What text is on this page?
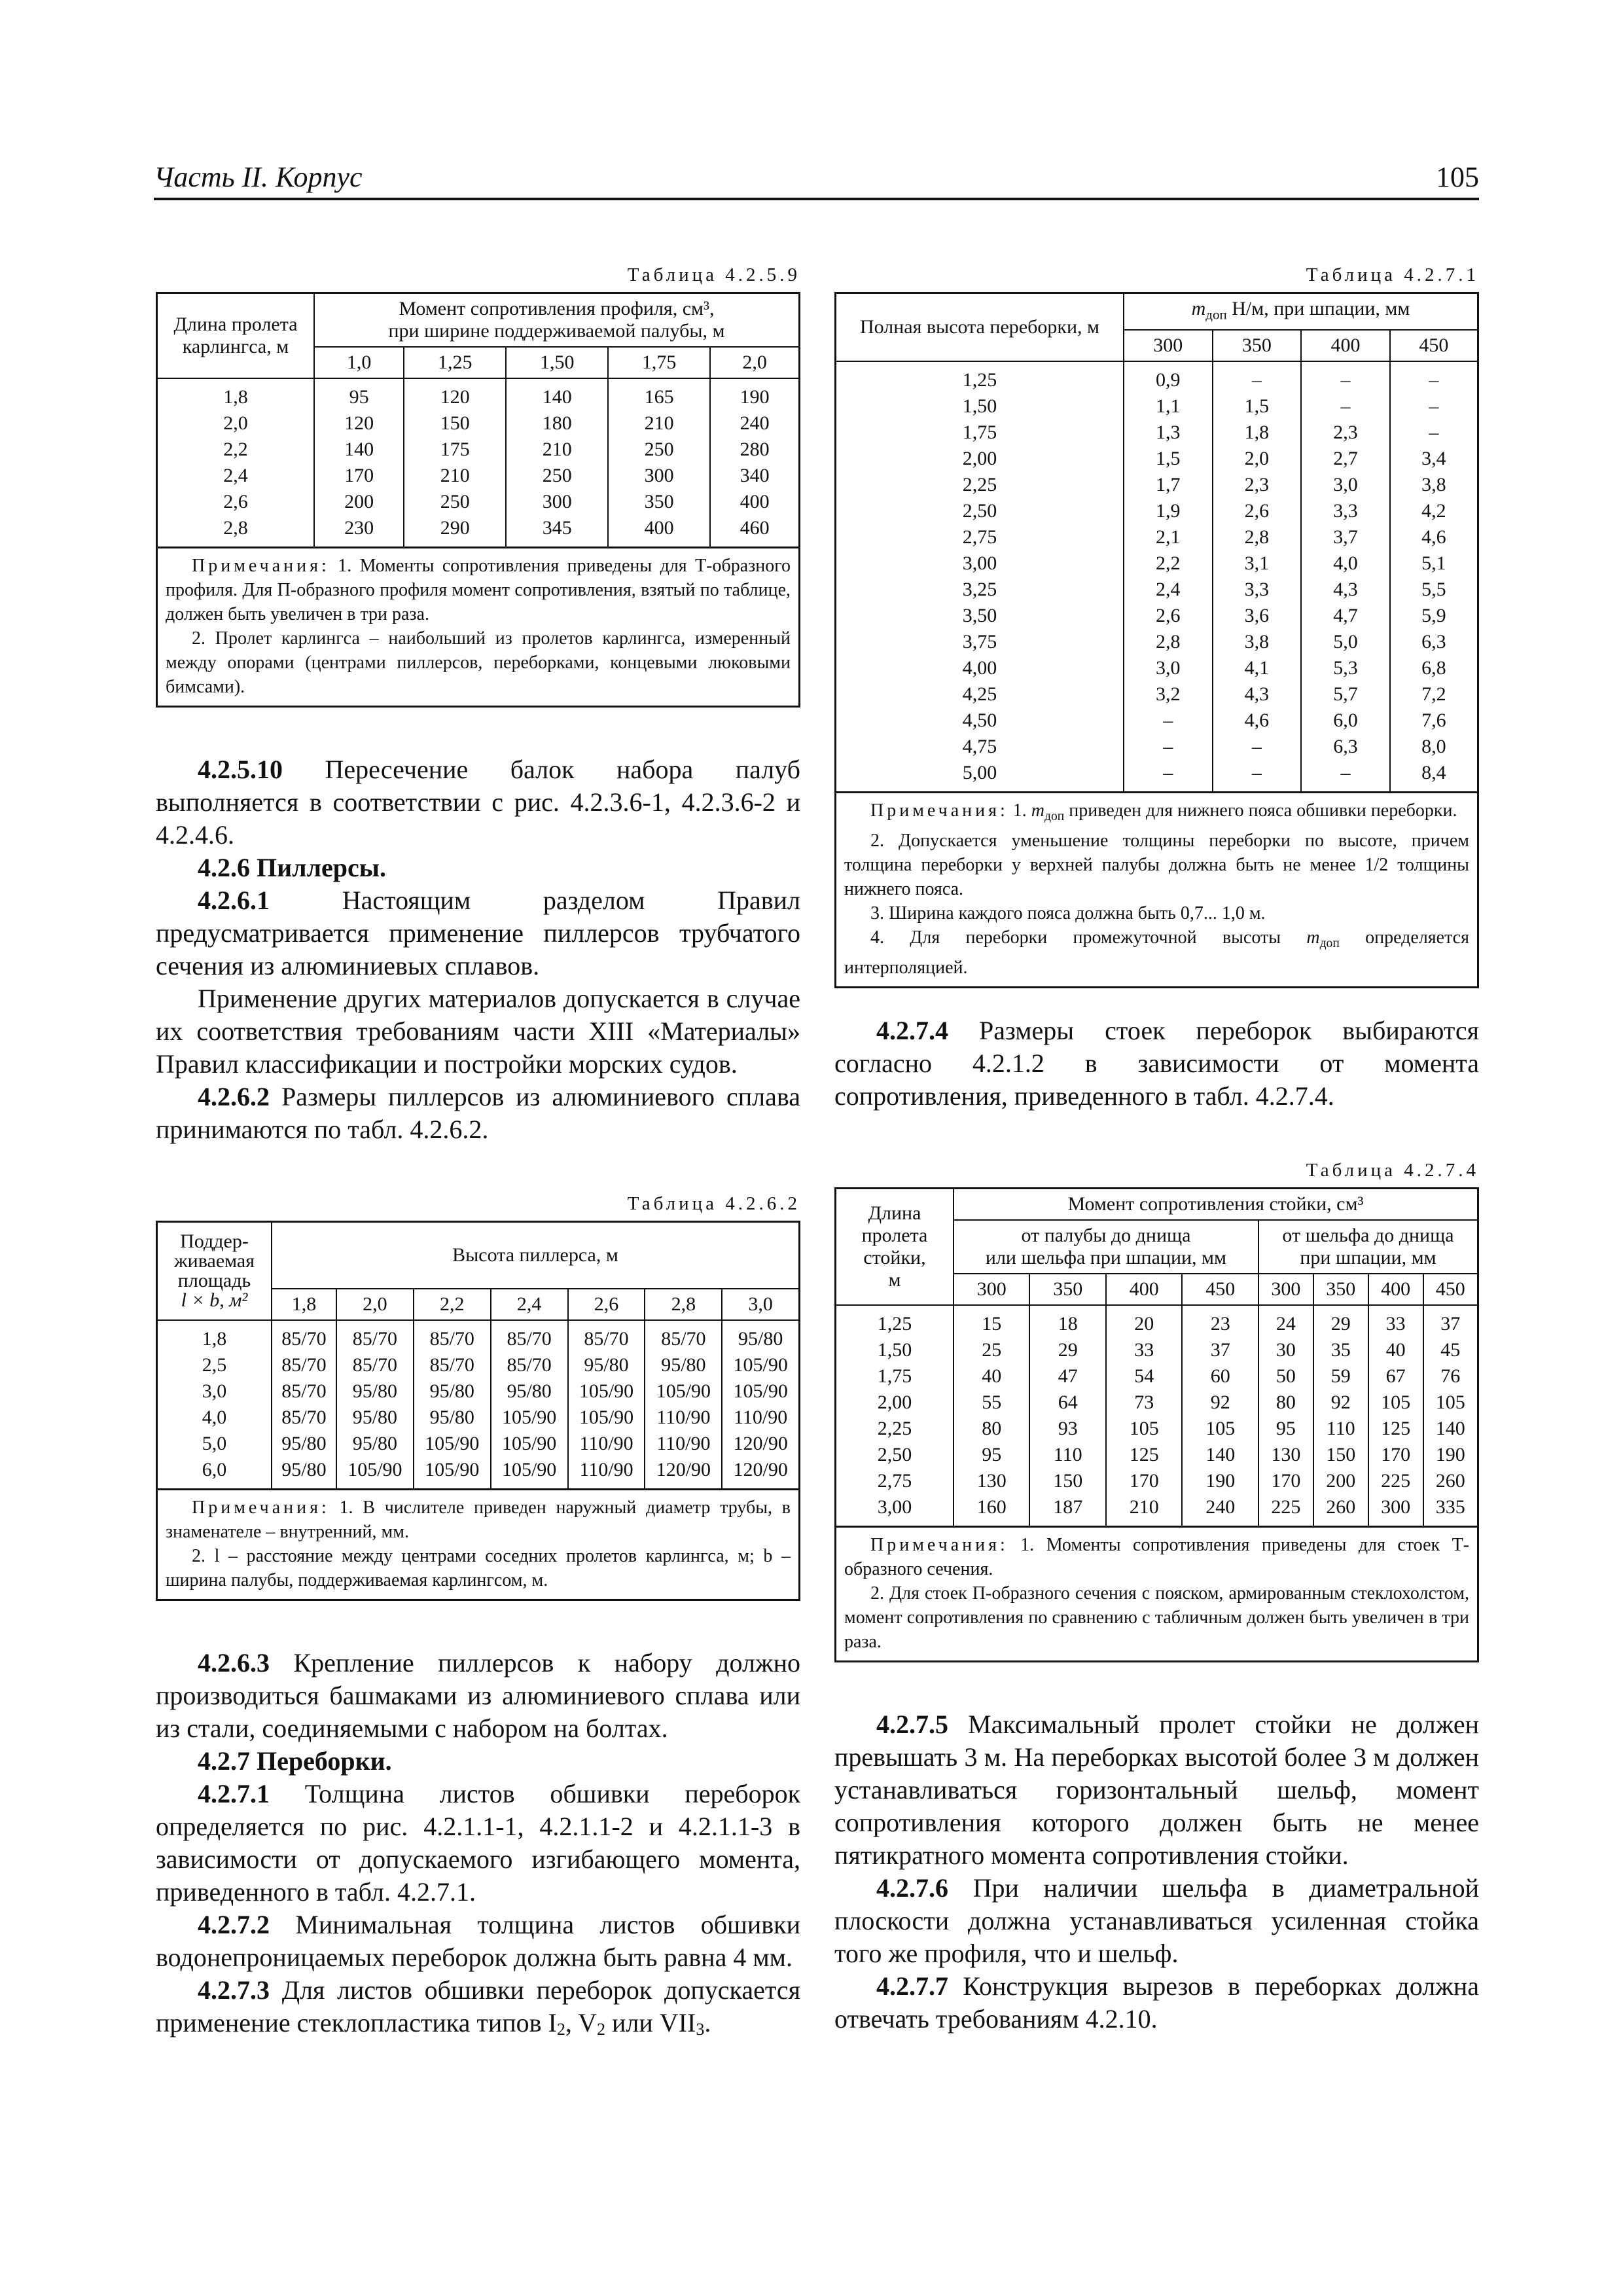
Часть II. Корпус	105
Таблица 4.2.5.9
Длина пролета карлингса, м	Момент сопротивления профиля, см³,
при ширине поддерживаемой палубы, м				
	1,0	1,25	1,50	1,75	2,0
1,8	95	120	140	165	190
2,0	120	150	180	210	240
2,2	140	175	210	250	280
2,4	170	210	250	300	340
2,6	200	250	300	350	400
2,8	230	290	345	400	460

Примечания: 1. Моменты сопротивления приведены для Т-образного профиля. Для П-образного профиля момент сопротивления, взятый по таблице, должен быть увеличен в три раза.

2. Пролет карлингса – наибольший из пролетов карлингса, измеренный между опорами (центрами пиллерсов, переборками, концевыми люковыми бимсами).

4.2.5.10 Пересечение балок набора палуб выполняется в соответствии с рис. 4.2.3.6-1, 4.2.3.6-2 и 4.2.4.6.

4.2.6 Пиллерсы.

4.2.6.1	Настоящим разделом Правил предусматривается применение пиллерсов трубчатого сечения из алюминиевых сплавов.

Применение других материалов допускается в случае их соответствия требованиям части XIII «Материалы» Правил классификации и постройки морских судов.

4.2.6.2 Размеры пиллерсов из алюминиевого сплава принимаются по табл. 4.2.6.2.

Таблица 4.2.6.2
Поддер-
живаемая
площадь
l × b, м²	Высота пиллерса, м						
	1,8	2,0	2,2	2,4	2,6	2,8	3,0
1,8	85/70	85/70	85/70	85/70	85/70	85/70	95/80
2,5	85/70	85/70	85/70	85/70	95/80	95/80	105/90
3,0	85/70	95/80	95/80	95/80	105/90	105/90	105/90
4,0	85/70	95/80	95/80	105/90	105/90	110/90	110/90
5,0	95/80	95/80	105/90	105/90	110/90	110/90	120/90
6,0	95/80	105/90	105/90	105/90	110/90	120/90	120/90

Примечания: 1. В числителе приведен наружный диаметр трубы, в знаменателе – внутренний, мм.

2. l – расстояние между центрами соседних пролетов карлингса, м; b – ширина палубы, поддерживаемая карлингсом, м.

4.2.6.3 Крепление пиллерсов к набору должно производиться башмаками из алюминиевого сплава или из стали, соединяемыми с набором на болтах.

4.2.7 Переборки.

4.2.7.1 Толщина листов обшивки переборок определяется по рис. 4.2.1.1-1, 4.2.1.1-2 и 4.2.1.1-3 в зависимости от допускаемого изгибающего момента, приведенного в табл. 4.2.7.1.

4.2.7.2 Минимальная толщина листов обшивки водонепроницаемых переборок должна быть равна 4 мм.

4.2.7.3 Для листов обшивки переборок допускается применение стеклопластика типов $I_2$, $V_2$ или $VII_3$.

Таблица 4.2.7.1
Полная высота переборки, м	$m_{доп}$ Н/м, при шпации, мм			
	300	350	400	450
1,25	0,9	–	–	–
1,50	1,1	1,5	–	–
1,75	1,3	1,8	2,3	–
2,00	1,5	2,0	2,7	3,4
2,25	1,7	2,3	3,0	3,8
2,50	1,9	2,6	3,3	4,2
2,75	2,1	2,8	3,7	4,6
3,00	2,2	3,1	4,0	5,1
3,25	2,4	3,3	4,3	5,5
3,50	2,6	3,6	4,7	5,9
3,75	2,8	3,8	5,0	6,3
4,00	3,0	4,1	5,3	6,8
4,25	3,2	4,3	5,7	7,2
4,50	–	4,6	6,0	7,6
4,75	–	–	6,3	8,0
5,00	–	–	–	8,4

Примечания: 1. $m_{доп}$ приведен для нижнего пояса обшивки переборки.

2. Допускается уменьшение толщины переборки по высоте, причем толщина переборки у верхней палубы должна быть не менее 1/2 толщины нижнего пояса.

3. Ширина каждого пояса должна быть 0,7... 1,0 м.

4. Для переборки промежуточной высоты $m_{доп}$ определяется интерполяцией.

4.2.7.4 Размеры стоек переборок выбираются согласно 4.2.1.2 в зависимости от момента сопротивления, приведенного в табл. 4.2.7.4.

Таблица 4.2.7.4
Длина
пролета
стойки,
м	Момент сопротивления стойки, см³							
	от палубы до днища
или шельфа при шпации, мм				от шельфа до днища
при шпации, мм			
	300	350	400	450	300	350	400	450
1,25	15	18	20	23	24	29	33	37
1,50	25	29	33	37	30	35	40	45
1,75	40	47	54	60	50	59	67	76
2,00	55	64	73	92	80	92	105	105
2,25	80	93	105	105	95	110	125	140
2,50	95	110	125	140	130	150	170	190
2,75	130	150	170	190	170	200	225	260
3,00	160	187	210	240	225	260	300	335

Примечания: 1. Моменты сопротивления приведены для стоек Т-образного сечения.

2. Для стоек П-образного сечения с пояском, армированным стеклохолстом, момент сопротивления по сравнению с табличным должен быть увеличен в три раза.

4.2.7.5 Максимальный пролет стойки не должен превышать 3 м. На переборках высотой более 3 м должен устанавливаться горизонтальный шельф, момент сопротивления которого должен быть не менее пятикратного момента сопротивления стойки.

4.2.7.6 При наличии шельфа в диаметральной плоскости должна устанавливаться усиленная стойка того же профиля, что и шельф.

4.2.7.7 Конструкция вырезов в переборках должна отвечать требованиям 4.2.10.
